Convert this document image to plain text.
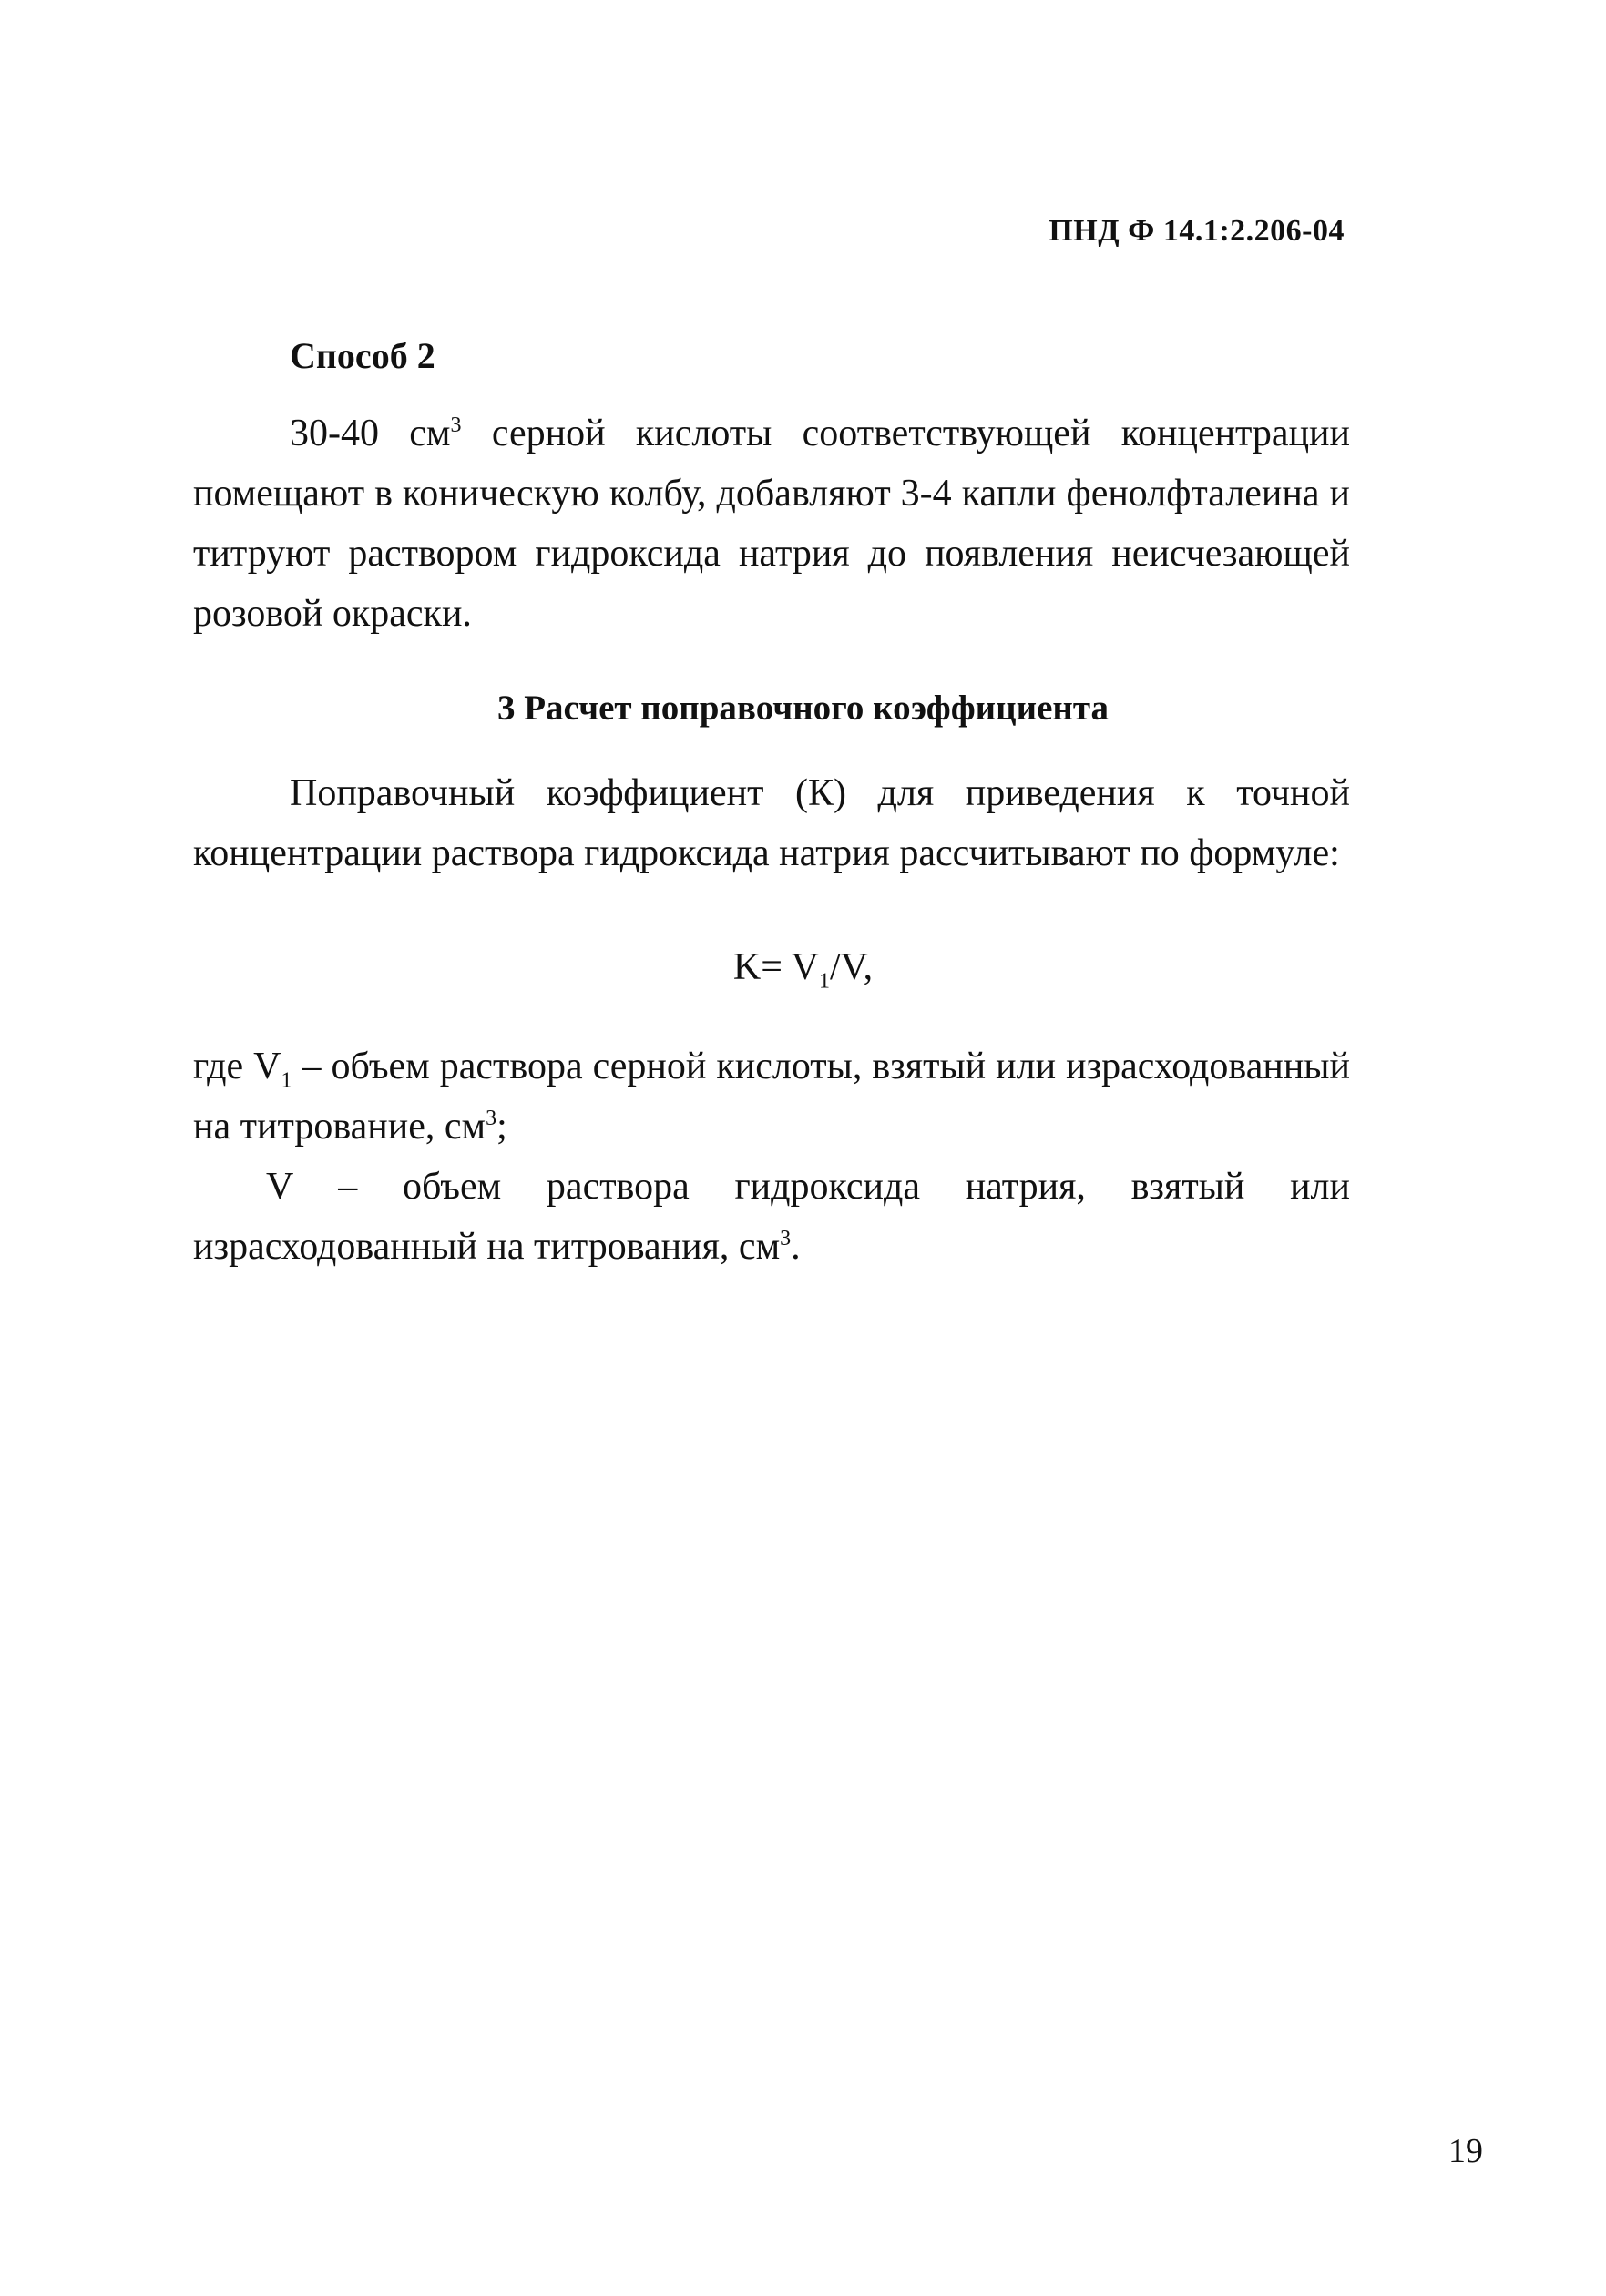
ПНД Ф 14.1:2.206-04
Способ 2
30-40 $см^3$ серной кислоты соответствующей концентрации помещают в коническую колбу, добавляют 3-4 капли фенолфталеина и титруют раствором гидроксида натрия до появления неисчезающей розовой окраски.
3 Расчет поправочного коэффициента
Поправочный коэффициент (К) для приведения к точной концентрации раствора гидроксида натрия рассчитывают по формуле:
$K= V_1/V$,

где $V_1$ – объем раствора серной кислоты, взятый или израсходованный на титрование, $см^3$;

V – объем раствора гидроксида натрия, взятый или израсходованный на титрования, $см^3$.

19
